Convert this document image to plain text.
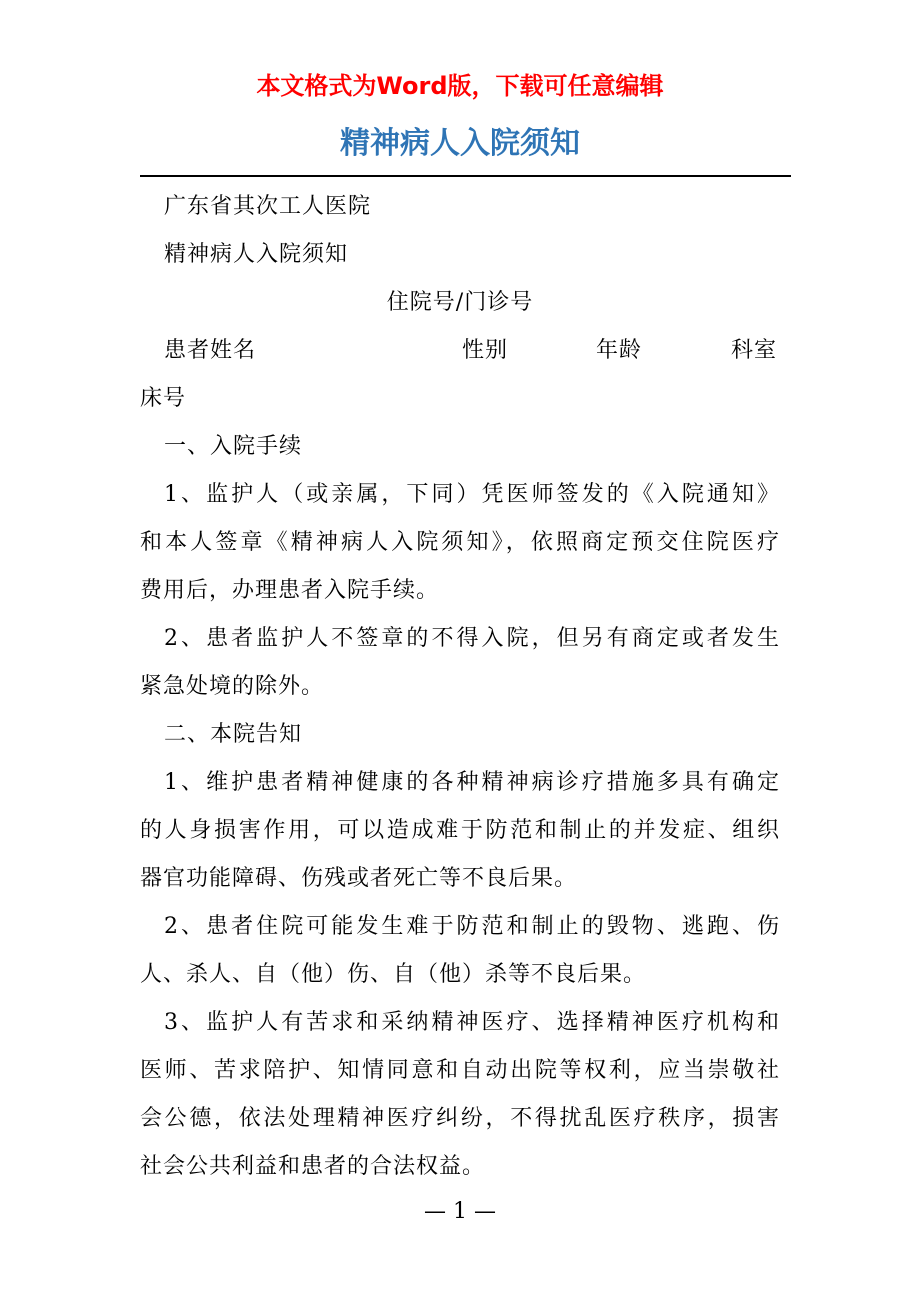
本文格式为Word版，下载可任意编辑
精神病人入院须知
广东省其次工人医院
精神病人入院须知
住院号/门诊号
患者姓名	性别	年龄	科室
床号
一、入院手续
1、监护人（或亲属，下同）凭医师签发的《入院通知》
和本人签章《精神病人入院须知》，依照商定预交住院医疗
费用后，办理患者入院手续。
2、患者监护人不签章的不得入院，但另有商定或者发生
紧急处境的除外。
二、本院告知
1、维护患者精神健康的各种精神病诊疗措施多具有确定
的人身损害作用，可以造成难于防范和制止的并发症、组织
器官功能障碍、伤残或者死亡等不良后果。
2、患者住院可能发生难于防范和制止的毁物、逃跑、伤
人、杀人、自（他）伤、自（他）杀等不良后果。
3、监护人有苦求和采纳精神医疗、选择精神医疗机构和
医师、苦求陪护、知情同意和自动出院等权利，应当崇敬社
会公德，依法处理精神医疗纠纷，不得扰乱医疗秩序，损害
社会公共利益和患者的合法权益。
— 1 —
